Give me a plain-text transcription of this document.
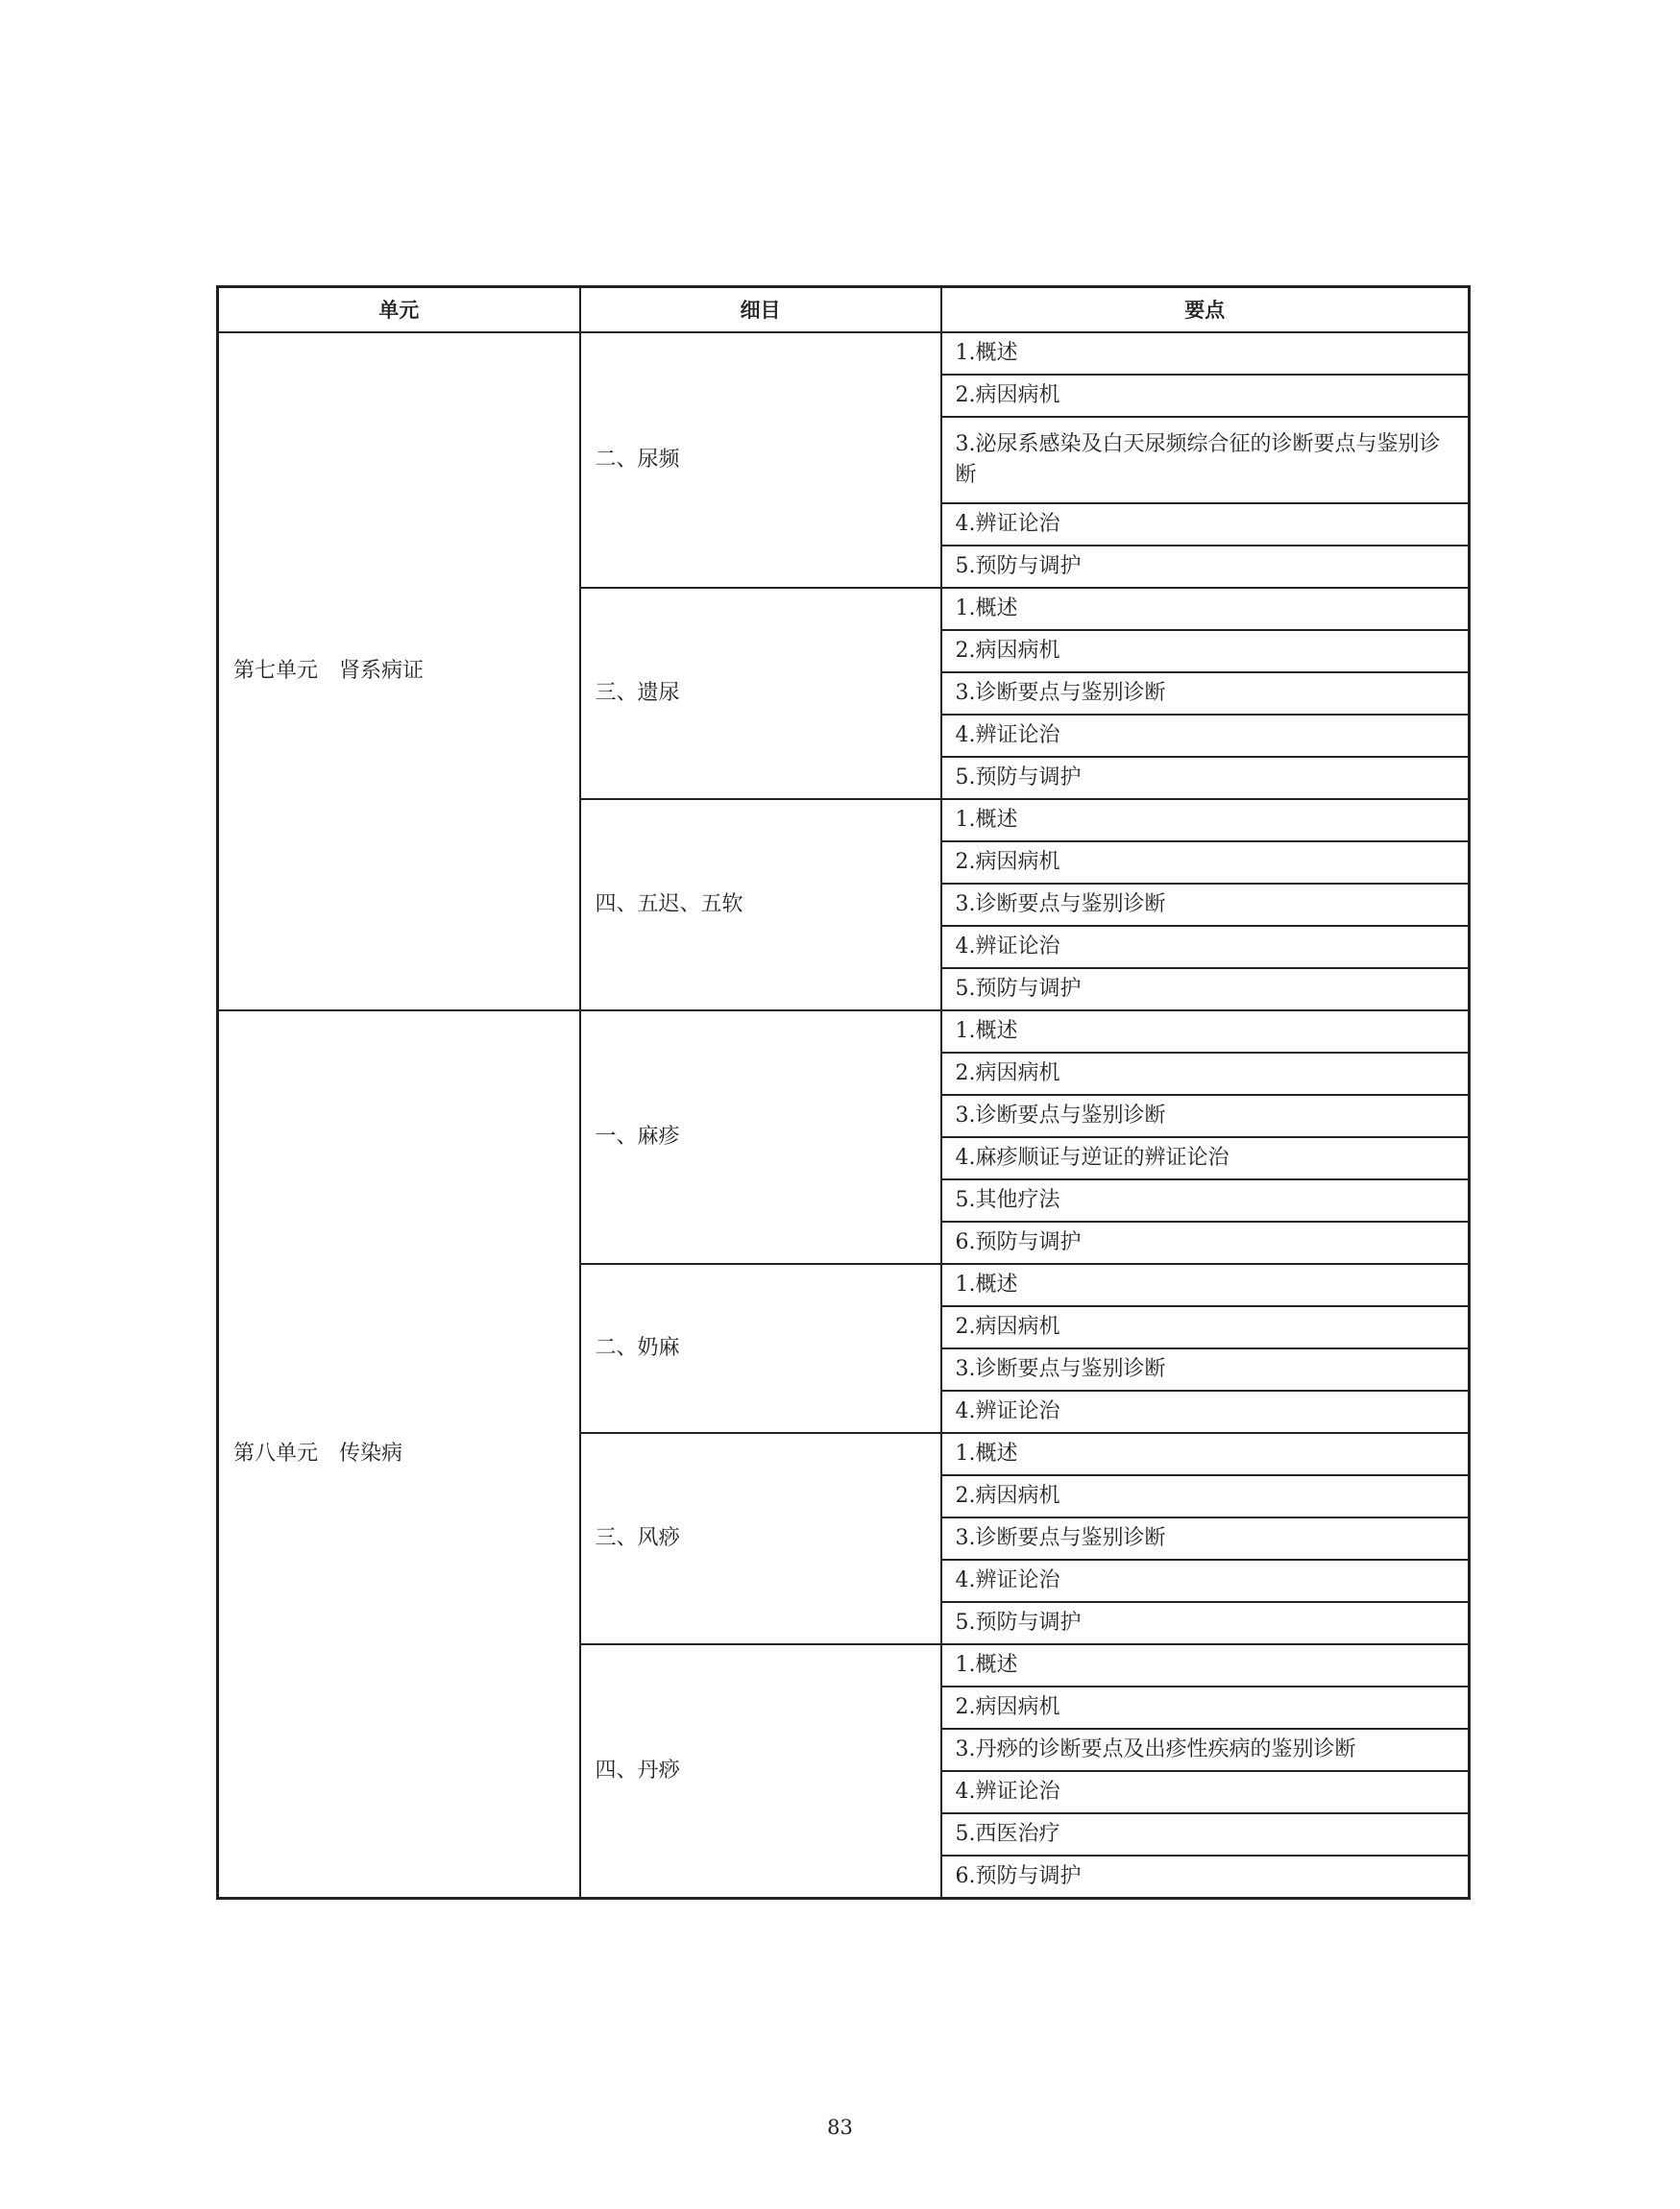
单元	细目	要点
第七单元　肾系病证	二、尿频	1.概述
		2.病因病机
		3.泌尿系感染及白天尿频综合征的诊断要点与鉴别诊断
		4.辨证论治
		5.预防与调护
	三、遗尿	1.概述
		2.病因病机
		3.诊断要点与鉴别诊断
		4.辨证论治
		5.预防与调护
	四、五迟、五软	1.概述
		2.病因病机
		3.诊断要点与鉴别诊断
		4.辨证论治
		5.预防与调护
第八单元　传染病	一、麻疹	1.概述
		2.病因病机
		3.诊断要点与鉴别诊断
		4.麻疹顺证与逆证的辨证论治
		5.其他疗法
		6.预防与调护
	二、奶麻	1.概述
		2.病因病机
		3.诊断要点与鉴别诊断
		4.辨证论治
	三、风痧	1.概述
		2.病因病机
		3.诊断要点与鉴别诊断
		4.辨证论治
		5.预防与调护
	四、丹痧	1.概述
		2.病因病机
		3.丹痧的诊断要点及出疹性疾病的鉴别诊断
		4.辨证论治
		5.西医治疗
		6.预防与调护
83
